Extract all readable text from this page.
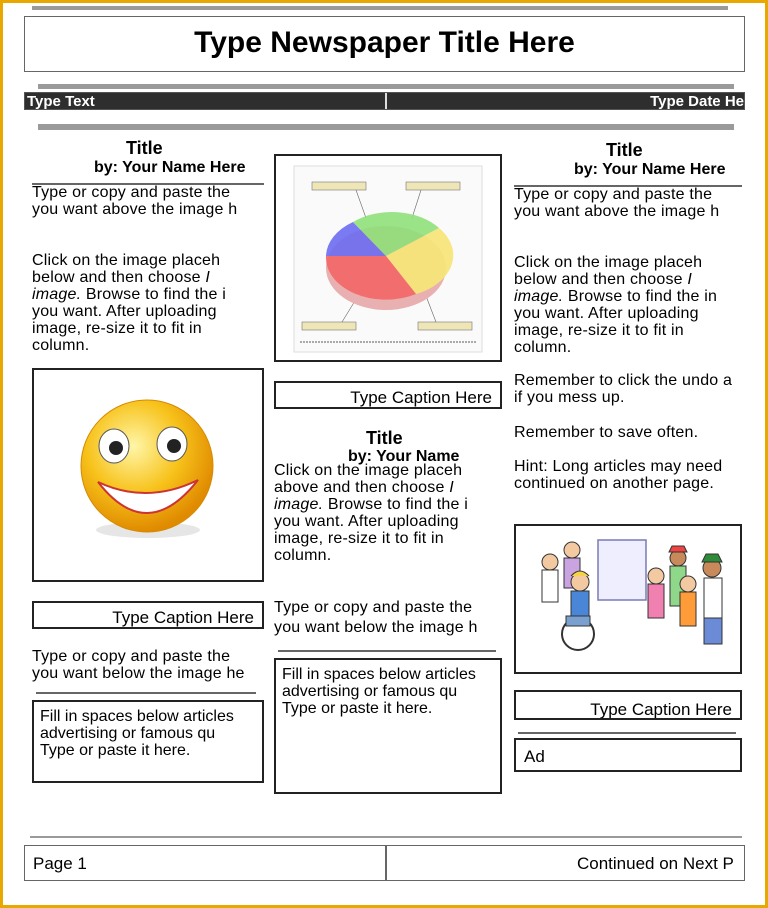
Type Newspaper Title Here
Type Text	Type Date He
Title
by: Your Name Here
Type or copy and paste the
you want above the image h
Click on the image placeh
below and then choose I
image. Browse to find the i
you want. After uploading
image, re-size it to fit in
column.
Type Caption Here
Type or copy and paste the
you want below the image he
Fill in spaces below articles
advertising or famous qu
Type or paste it here.
Type Caption Here
Title
by: Your Name
Click on the image placeh
above and then choose I
image. Browse to find the i
you want. After uploading
image, re-size it to fit in
column.
Type or copy and paste the
you want below the image h
Fill in spaces below articles
advertising or famous qu
Type or paste it here.
Title
by: Your Name Here
Type or copy and paste the
you want above the image h
Click on the image placeh
below and then choose I
image. Browse to find the in
you want. After uploading
image, re-size it to fit in
column.
Remember to click the undo a
if you mess up.
Remember to save often.
Hint: Long articles may need
continued on another page.
Type Caption Here
Ad
Page 1	Continued on Next P
